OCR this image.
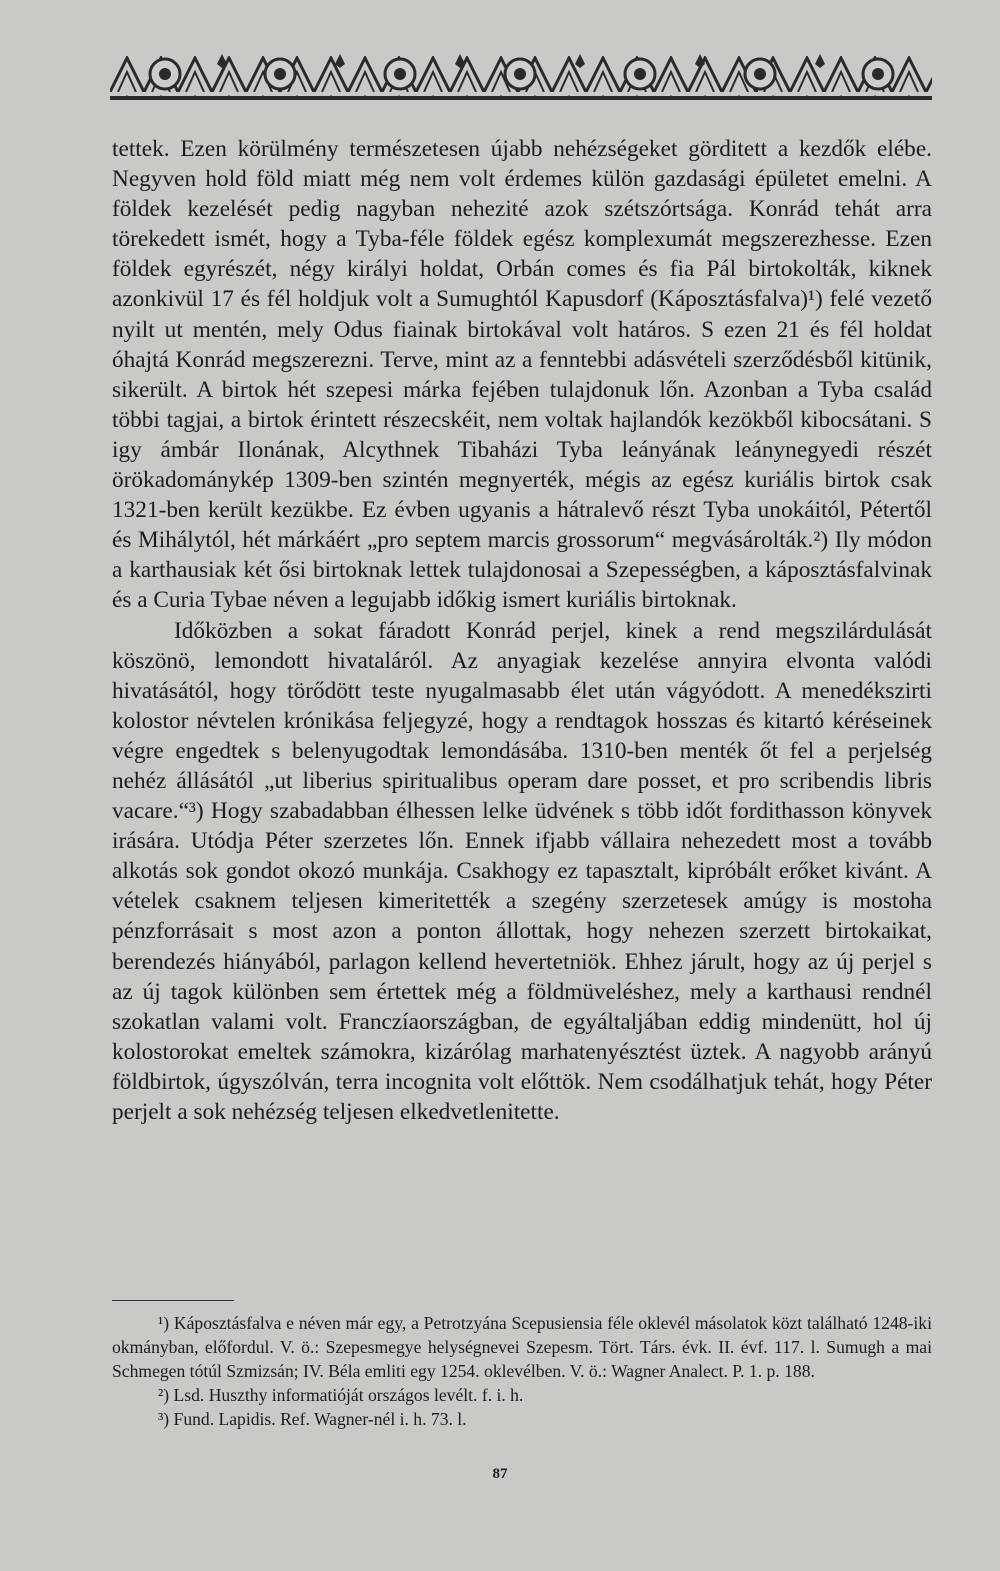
tettek. Ezen körülmény természetesen újabb nehézségeket görditett a kezdők elébe. Negyven hold föld miatt még nem volt érdemes külön gazdasági épületet emelni. A földek kezelését pedig nagyban nehezité azok szétszórtsága. Konrád tehát arra törekedett ismét, hogy a Tyba-féle földek egész komplexumát megszerezhesse. Ezen földek egyrészét, négy királyi holdat, Orbán comes és fia Pál birtokolták, kiknek azonkivül 17 és fél holdjuk volt a Sumughtól Kapusdorf (Káposztásfalva)¹) felé vezető nyilt ut mentén, mely Odus fiainak birtokával volt határos. S ezen 21 és fél holdat óhajtá Konrád megszerezni. Terve, mint az a fenntebbi adásvételi szerződésből kitünik, sikerült. A birtok hét szepesi márka fejében tulajdonuk lőn. Azonban a Tyba család többi tagjai, a birtok érintett részecskéit, nem voltak hajlandók kezökből kibocsátani. S igy ámbár Ilonának, Alcythnek Tibaházi Tyba leányának leánynegyedi részét örökadománykép 1309-ben szintén megnyerték, mégis az egész kuriális birtok csak 1321-ben került kezükbe. Ez évben ugyanis a hátralevő részt Tyba unokáitól, Pétertől és Mihálytól, hét márkáért „pro septem marcis grossorum“ megvásárolták.²) Ily módon a karthausiak két ősi birtoknak lettek tulajdonosai a Szepességben, a káposztásfalvinak és a Curia Tybae néven a legujabb időkig ismert kuriális birtoknak.

Időközben a sokat fáradott Konrád perjel, kinek a rend megszilárdulását köszönö, lemondott hivataláról. Az anyagiak kezelése annyira elvonta valódi hivatásától, hogy törődött teste nyugalmasabb élet után vágyódott. A menedékszirti kolostor névtelen krónikása feljegyzé, hogy a rendtagok hosszas és kitartó kéréseinek végre engedtek s belenyugodtak lemondásába. 1310-ben menték őt fel a perjelség nehéz állásától „ut liberius spiritualibus operam dare posset, et pro scribendis libris vacare.“³) Hogy szabadabban élhessen lelke üdvének s több időt fordithasson könyvek irására. Utódja Péter szerzetes lőn. Ennek ifjabb vállaira nehezedett most a tovább alkotás sok gondot okozó munkája. Csakhogy ez tapasztalt, kipróbált erőket kivánt. A vételek csaknem teljesen kimeritették a szegény szerzetesek amúgy is mostoha pénzforrásait s most azon a ponton állottak, hogy nehezen szerzett birtokaikat, berendezés hiányából, parlagon kellend hevertetniök. Ehhez járult, hogy az új perjel s az új tagok különben sem értettek még a földmüveléshez, mely a karthausi rendnél szokatlan valami volt. Franczíaországban, de egyáltaljában eddig mindenütt, hol új kolostorokat emeltek számokra, kizárólag marhatenyésztést üztek. A nagyobb arányú földbirtok, úgyszólván, terra incognita volt előttök. Nem csodálhatjuk tehát, hogy Péter perjelt a sok nehézség teljesen elkedvetlenitette.

¹) Káposztásfalva e néven már egy, a Petrotzyána Scepusiensia féle oklevél másolatok közt található 1248-iki okmányban, előfordul. V. ö.: Szepesmegye helységnevei Szepesm. Tört. Társ. évk. II. évf. 117. l. Sumugh a mai Schmegen tótúl Szmizsán; IV. Béla emliti egy 1254. oklevélben. V. ö.: Wagner Analect. P. 1. p. 188.

²) Lsd. Huszthy informatióját országos levélt. f. i. h.

³) Fund. Lapidis. Ref. Wagner-nél i. h. 73. l.

87
